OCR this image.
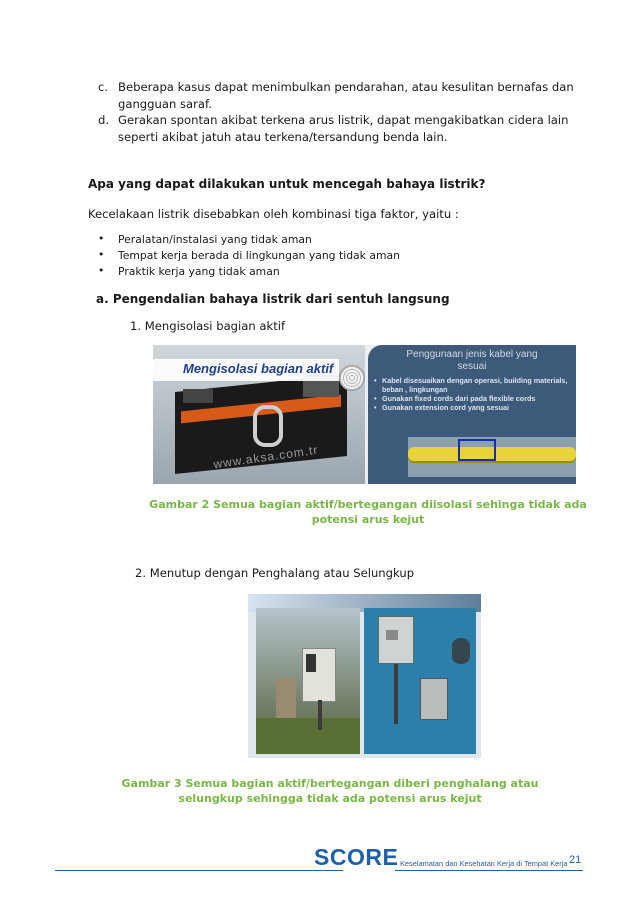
c. Beberapa kasus dapat menimbulkan pendarahan, atau kesulitan bernafas dan
gangguan saraf.
d. Gerakan spontan akibat terkena arus listrik, dapat mengakibatkan cidera lain
seperti akibat jatuh atau terkena/tersandung benda lain.
Apa yang dapat dilakukan untuk mencegah bahaya listrik?
Kecelakaan listrik disebabkan oleh kombinasi tiga faktor, yaitu :
• Peralatan/instalasi yang tidak aman
• Tempat kerja berada di lingkungan yang tidak aman
• Praktik kerja yang tidak aman
a. Pengendalian bahaya listrik dari sentuh langsung
1. Mengisolasi bagian aktif
www.aksa.com.tr
Mengisolasi bagian aktif
Penggunaan jenis kabel yang
sesuai
• Kabel disesuaikan dengan operasi, building materials, beban , lingkungan
• Gunakan fixed cords dari pada flexible cords
• Gunakan extension cord yang sesuai
Gambar 2 Semua bagian aktif/bertegangan diisolasi sehinga tidak ada
potensi arus kejut
2. Menutup dengan Penghalang atau Selungkup
Gambar 3 Semua bagian aktif/bertegangan diberi penghalang atau
selungkup sehingga tidak ada potensi arus kejut
SCORE Keselamatan dan Kesehatan Kerja di Tempat Kerja 21
